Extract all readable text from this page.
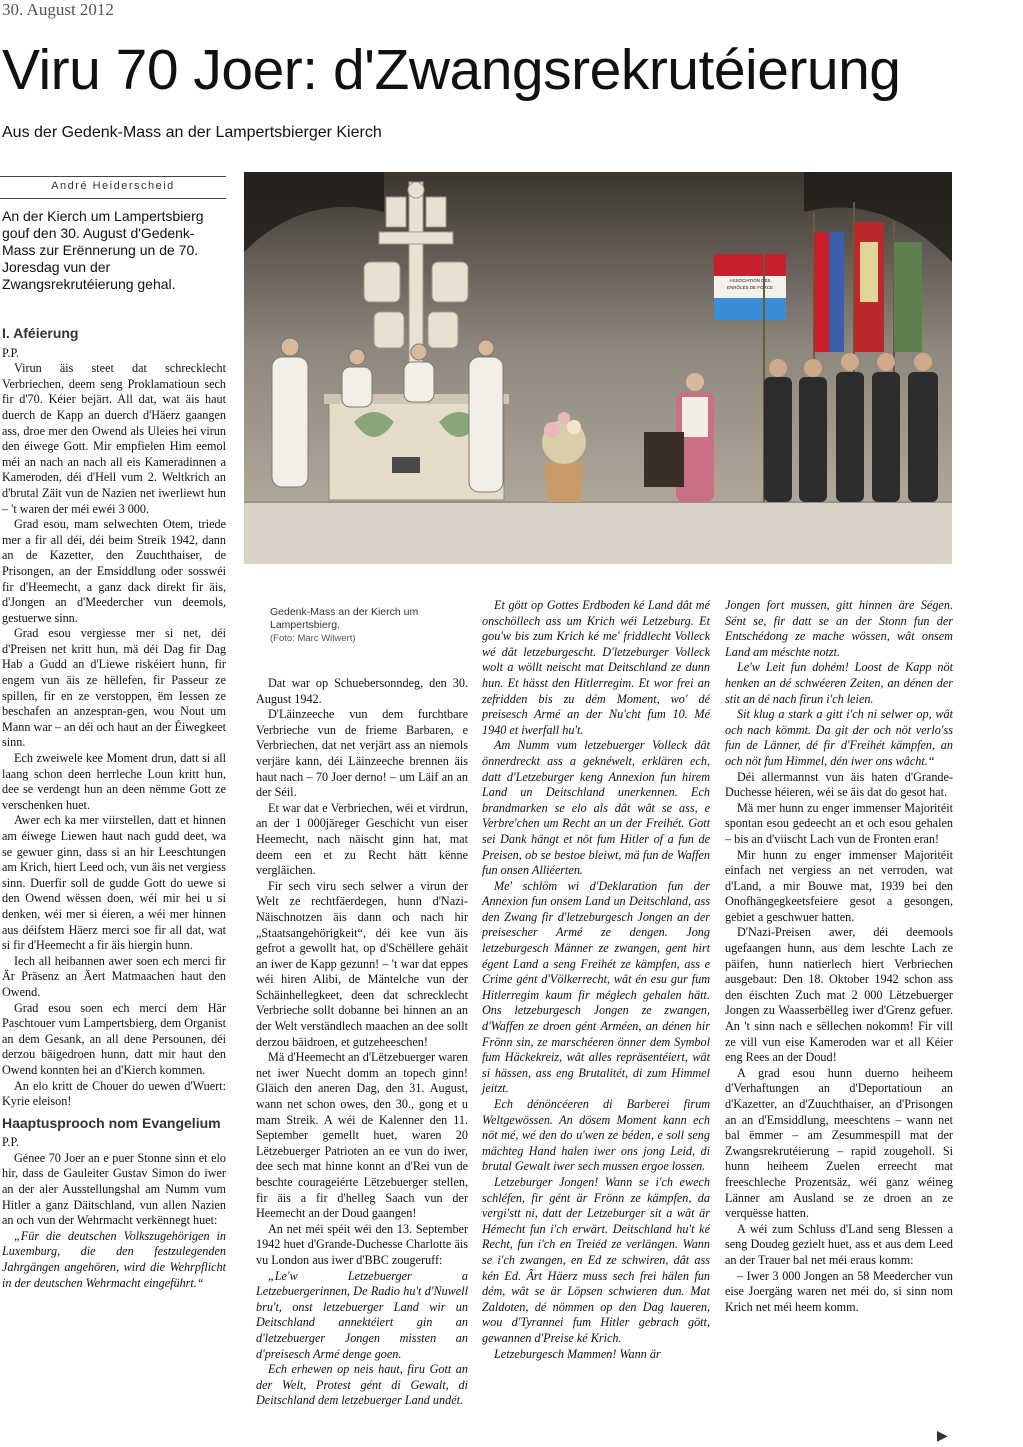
30. August 2012
Viru 70 Joer: d'Zwangsrekrutéierung
Aus der Gedenk-Mass an der Lampertsbierger Kierch
André Heiderscheid
An der Kierch um Lampertsbierg gouf den 30. August d'Gedenk-Mass zur Erënnerung un de 70. Joresdag vun der Zwangsrekrutéierung gehal.
I. Aféierung

P.P.

Virun äis steet dat schrecklecht Verbriechen, deem seng Proklamatioun sech fir d'70. Kéier bejärt. All dat, wat äis haut duerch de Kapp an duerch d'Häerz gaangen ass, droe mer den Owend als Uleies hei virun den éiwege Gott. Mir empfielen Him eemol méi an nach an nach all eis Kameradinnen a Kameroden, déi d'Hell vum 2. Weltkrich an d'brutal Zäit vun de Nazien net iwerliewt hun – 't waren der méi ewéi 3 000.

Grad esou, mam selwechten Otem, triede mer a fir all déi, déi beim Streik 1942, dann an de Kazetter, den Zuuchthaiser, de Prisongen, an der Emsiddlung oder sosswéi fir d'Heemecht, a ganz dack direkt fir äis, d'Jongen an d'Meedercher vun deemols, gestuerwe sinn.

Grad esou vergiesse mer si net, déi d'Preisen net kritt hun, mä déi Dag fir Dag Hab a Gudd an d'Liewe riskéiert hunn, fir engem vun äis ze hëllefen, fir Passeur ze spillen, fir en ze verstoppen, ëm Iessen ze beschafen an anzespran-gen, wou Nout um Mann war – an déi och haut an der Éiwegkeet sinn.

Ech zweiwele kee Moment drun, datt si all laang schon deen herrleche Loun kritt hun, dee se verdengt hun an deen nëmme Gott ze verschenken huet.

Awer ech ka mer viirstellen, datt et hinnen am éiwege Liewen haut nach gudd deet, wa se gewuer ginn, dass si an hir Leeschtungen am Krich, hiert Leed och, vun äis net vergiess sinn. Duerfir soll de gudde Gott do uewe si den Owend wëssen doen, wéi mir hei u si denken, wéi mer si éieren, a wéi mer hinnen aus déifstem Häerz merci soe fir all dat, wat si fir d'Heemecht a fir äis hiergin hunn.

Iech all heibannen awer soen ech merci fir Är Präsenz an Äert Matmaachen haut den Owend.

Grad esou soen ech merci dem Här Paschtouer vum Lampertsbierg, dem Organist an dem Gesank, an all dene Persounen, déi derzou bäigedroen hunn, datt mir haut den Owend konnten hei an d'Kierch kommen.

An elo kritt de Chouer do uewen d'Wuert: Kyrie eleison!

Haaptusprooch nom Evangelium

P.P.

Génee 70 Joer an e puer Stonne sinn et elo hir, dass de Gauleiter Gustav Simon do iwer an der aler Ausstellungshal am Numm vum Hitler a ganz Däitschland, vun allen Nazien an och vun der Wehrmacht verkënnegt huet:

„Für die deutschen Volkszugehörigen in Luxemburg, die den festzulegenden Jahrgängen angehören, wird die Wehrpflicht in der deutschen Wehrmacht eingeführt.“

ASSOCIATION DES
ENRÔLÉS DE FORCE
Gedenk-Mass an der Kierch um Lampertsbierg.
(Foto: Marc Wilwert)

Dat war op Schuebersonndeg, den 30. August 1942.

D'Läinzeeche vun dem furchtbare Verbrieche vun de frieme Barbaren, e Verbriechen, dat net verjärt ass an niemols verjäre kann, déi Läinzeeche brennen äis haut nach – 70 Joer derno! – um Läif an an der Séil.

Et war dat e Verbriechen, wéi et virdrun, an der 1 000järeger Geschicht vun eiser Heemecht, nach näischt ginn hat, mat deem een et zu Recht hätt kënne vergläichen.

Fir sech viru sech selwer a virun der Welt ze rechtfäerdegen, hunn d'Nazi-Näischnotzen äis dann och nach hir „Staatsangehörigkeit“, déi kee vun äis gefrot a gewollt hat, op d'Schëllere gehäit an iwer de Kapp gezunn! – 't war dat eppes wéi hiren Alibi, de Mäntelche vun der Schäinhellegkeet, deen dat schrecklecht Verbrieche sollt dobanne bei hinnen an an der Welt verständlech maachen an dee sollt derzou bäidroen, et gutzeheeschen!

Mä d'Heemecht an d'Lëtzebuerger waren net iwer Nuecht domm an topech ginn! Gläich den aneren Dag, den 31. August, wann net schon owes, den 30., gong et u mam Streik. A wéi de Kalenner den 11. September gemellt huet, waren 20 Lëtzebuerger Patrioten an ee vun do iwer, dee sech mat hinne konnt an d'Rei vun de beschte courageiérte Lëtzebuerger stellen, fir äis a fir d'helleg Saach vun der Heemecht an der Doud gaangen!

An net méi spéit wéi den 13. September 1942 huet d'Grande-Duchesse Charlotte äis vu London aus iwer d'BBC zougeruff:

„Le'w Letzebuerger a Letzebuergerinnen, De Radio hu't d'Nuwell bru't, onst letzebuerger Land wir un Deitschland annektéiert gin an d'letzebuerger Jongen missten an d'preisesch Armé denge goen.

Ech erhewen op neis haut, firu Gott an der Welt, Protest gént di Gewalt, di Deitschland dem letzebuerger Land undét.

Et gött op Gottes Erdboden ké Land dât mé onschöllech ass um Krich wéi Letzeburg. Et gou'w bis zum Krich ké me' friddlecht Volleck wé dât letzeburgescht. D'letzeburger Volleck wolt a wöllt neischt mat Deitschland ze dunn hun. Et hässt den Hitlerregim. Et wor frei an zefridden bis zu dém Moment, wo' dé preisesch Armé an der Nu'cht fum 10. Mé 1940 et iwerfall hu't.

Am Numm vum letzebuerger Volleck dât önnerdreckt ass a geknéwelt, erklären ech, datt d'Letzeburger keng Annexion fun hirem Land un Deitschland unerkennen. Ech brandmarken se elo als dât wât se ass, e Verbre'chen um Recht an un der Freihét. Gott sei Dank hängt et nöt fum Hitler of a fun de Preisen, ob se bestoe bleiwt, mä fun de Waffen fun onsen Alliéerten.

Me' schlöm wi d'Deklaration fun der Annexion fun onsem Land un Deitschland, ass den Zwang fir d'letzeburgesch Jongen an der preisescher Armé ze dengen. Jong letzeburgesch Männer ze zwangen, gent hirt égent Land a seng Freihét ze kämpfen, ass e Crime gént d'Völkerrecht, wât én esu gur fum Hitlerregim kaum fir méglech gehalen hätt. Ons letzeburgesch Jongen ze zwangen, d'Waffen ze droen gént Arméen, an dénen hir Frönn sin, ze marschéeren önner dem Symbol fum Häckekreiz, wât alles repräsentéiert, wât si hässen, ass eng Brutalitét, di zum Himmel jeitzt.

Ech dénöncéeren di Barberei firum Weltgewössen. An dösem Moment kann ech nöt mé, wé den do u'wen ze béden, e soll seng mächteg Hand halen iwer ons jong Leid, di brutal Gewalt iwer sech mussen ergoe lossen.

Letzeburger Jongen! Wann se i'ch ewech schléfen, fir gént är Frönn ze kämpfen, da vergi'stt ni, datt der Letzeburger sit a wât är Hémecht fun i'ch erwärt. Deitschland hu't ké Recht, fun i'ch en Treiéd ze verlängen. Wann se i'ch zwangen, en Ed ze schwiren, dât ass kén Ed. Ârt Häerz muss sech frei hälen fun dém, wât se är Löpsen schwieren dun. Mat Zaldoten, dé nömmen op den Dag laueren, wou d'Tyrannei fum Hitler gebrach gött, gewannen d'Preise ké Krich.

Letzeburgesch Mammen! Wann är

Jongen fort mussen, gitt hinnen äre Ségen. Sént se, fir datt se an der Stonn fun der Entschédong ze mache wössen, wât onsem Land am méschte notzt.

Le'w Leit fun dohém! Loost de Kapp nöt henken an dé schwéeren Zeiten, an dénen der stit an dé nach firun i'ch leien.

Sit klug a stark a gitt i'ch ni selwer op, wât och nach kömmt. Da git der och nöt verlo'ss fun de Länner, dé fir d'Freihét kämpfen, an och nöt fum Himmel, dén iwer ons wâcht.“

Déi allermannst vun äis haten d'Grande-Duchesse héieren, wéi se äis dat do gesot hat.

Mä mer hunn zu enger immenser Majoritéit spontan esou gedeecht an et och esou gehalen – bis an d'viischt Lach vun de Fronten eran!

Mir hunn zu enger immenser Majoritéit einfach net vergiess an net verroden, wat d'Land, a mir Bouwe mat, 1939 bei den Onofhängegkeetsfeiere gesot a gesongen, gebiet a geschwuer hatten.

D'Nazi-Preisen awer, déi deemools ugefaangen hunn, aus dem leschte Lach ze päifen, hunn natierlech hiert Verbriechen ausgebaut: Den 18. Oktober 1942 schon ass den éischten Zuch mat 2 000 Lëtzebuerger Jongen zu Waasserbëlleg iwer d'Grenz gefuer. An 't sinn nach e sëllechen nokomm! Fir vill ze vill vun eise Kameroden war et all Kéier eng Rees an der Doud!

A grad esou hunn duerno heiheem d'Verhaftungen an d'Deportatioun an d'Kazetter, an d'Zuuchthaiser, an d'Prisongen an an d'Emsiddlung, meeschtens – wann net bal ëmmer – am Zesummespill mat der Zwangsrekrutéierung – rapid zougeholl. Si hunn heiheem Zuelen erreecht mat freeschleche Prozentsäz, wéi ganz wéineg Länner am Ausland se ze droen an ze verquësse hatten.

A wéi zum Schluss d'Land seng Blessen a seng Doudeg gezielt huet, ass et aus dem Leed an der Trauer bal net méi eraus komm:

– Iwer 3 000 Jongen an 58 Meedercher vun eise Joergäng waren net méi do, si sinn nom Krich net méi heem komm.

▶
